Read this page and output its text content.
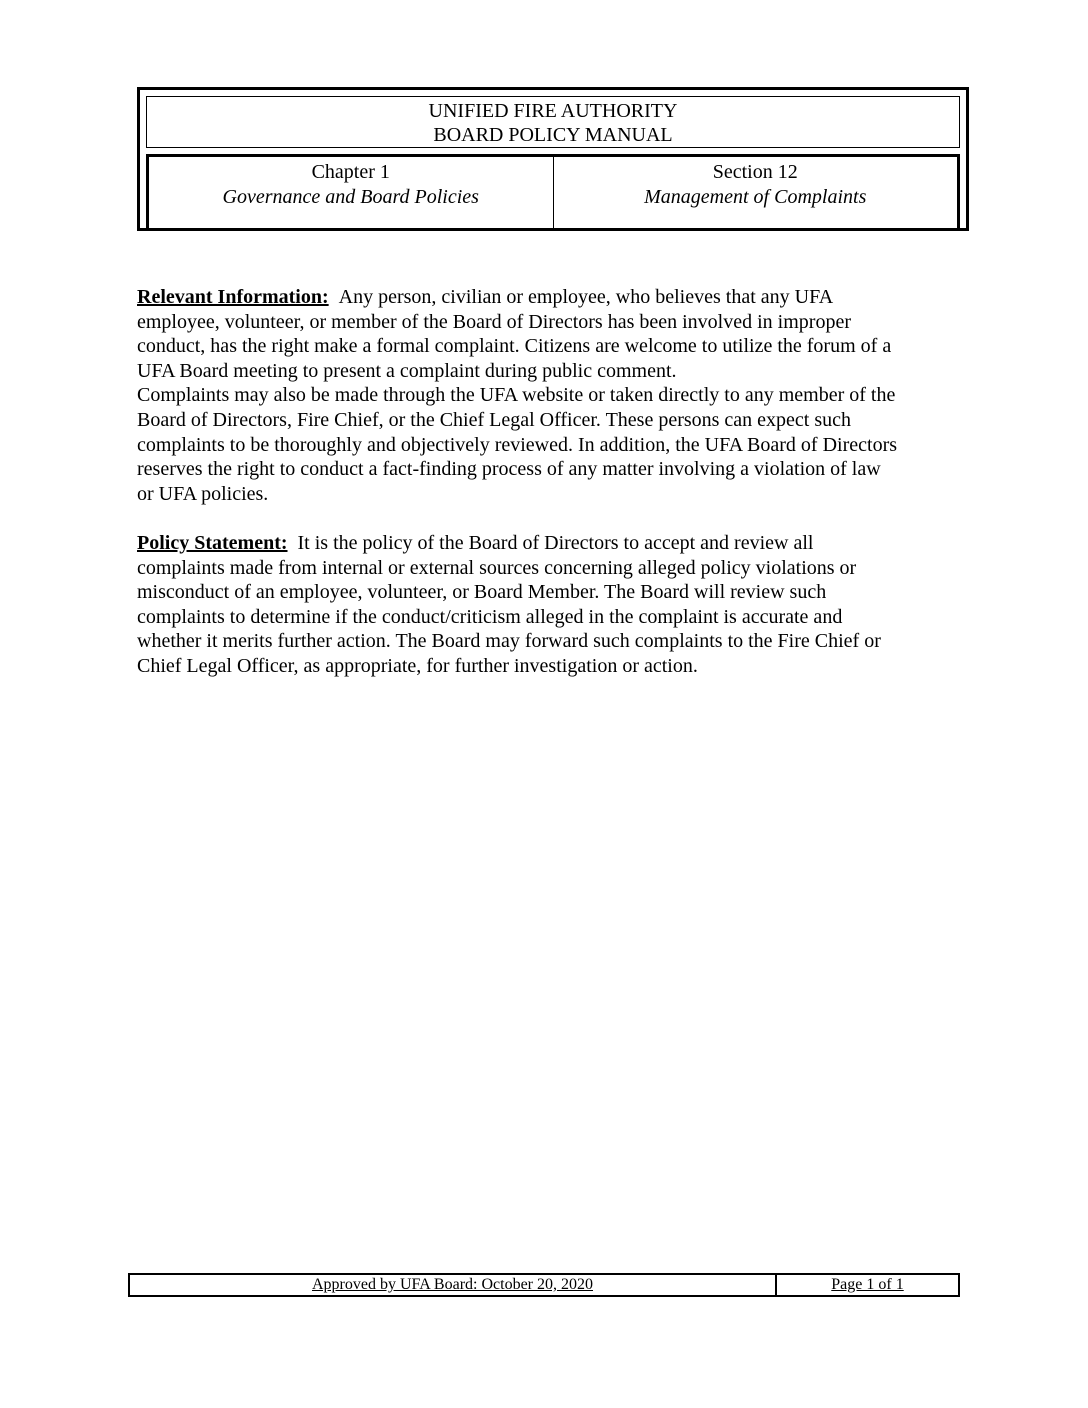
UNIFIED FIRE AUTHORITY
BOARD POLICY MANUAL
Chapter 1
Governance and Board Policies
Section 12
Management of Complaints

Relevant Information: Any person, civilian or employee, who believes that any UFA employee, volunteer, or member of the Board of Directors has been involved in improper conduct, has the right make a formal complaint. Citizens are welcome to utilize the forum of a UFA Board meeting to present a complaint during public comment.

Complaints may also be made through the UFA website or taken directly to any member of the Board of Directors, Fire Chief, or the Chief Legal Officer. These persons can expect such complaints to be thoroughly and objectively reviewed. In addition, the UFA Board of Directors reserves the right to conduct a fact-finding process of any matter involving a violation of law or UFA policies.

Policy Statement: It is the policy of the Board of Directors to accept and review all complaints made from internal or external sources concerning alleged policy violations or misconduct of an employee, volunteer, or Board Member. The Board will review such complaints to determine if the conduct/criticism alleged in the complaint is accurate and whether it merits further action. The Board may forward such complaints to the Fire Chief or Chief Legal Officer, as appropriate, for further investigation or action.

Approved by UFA Board: October 20, 2020	Page 1 of 1
